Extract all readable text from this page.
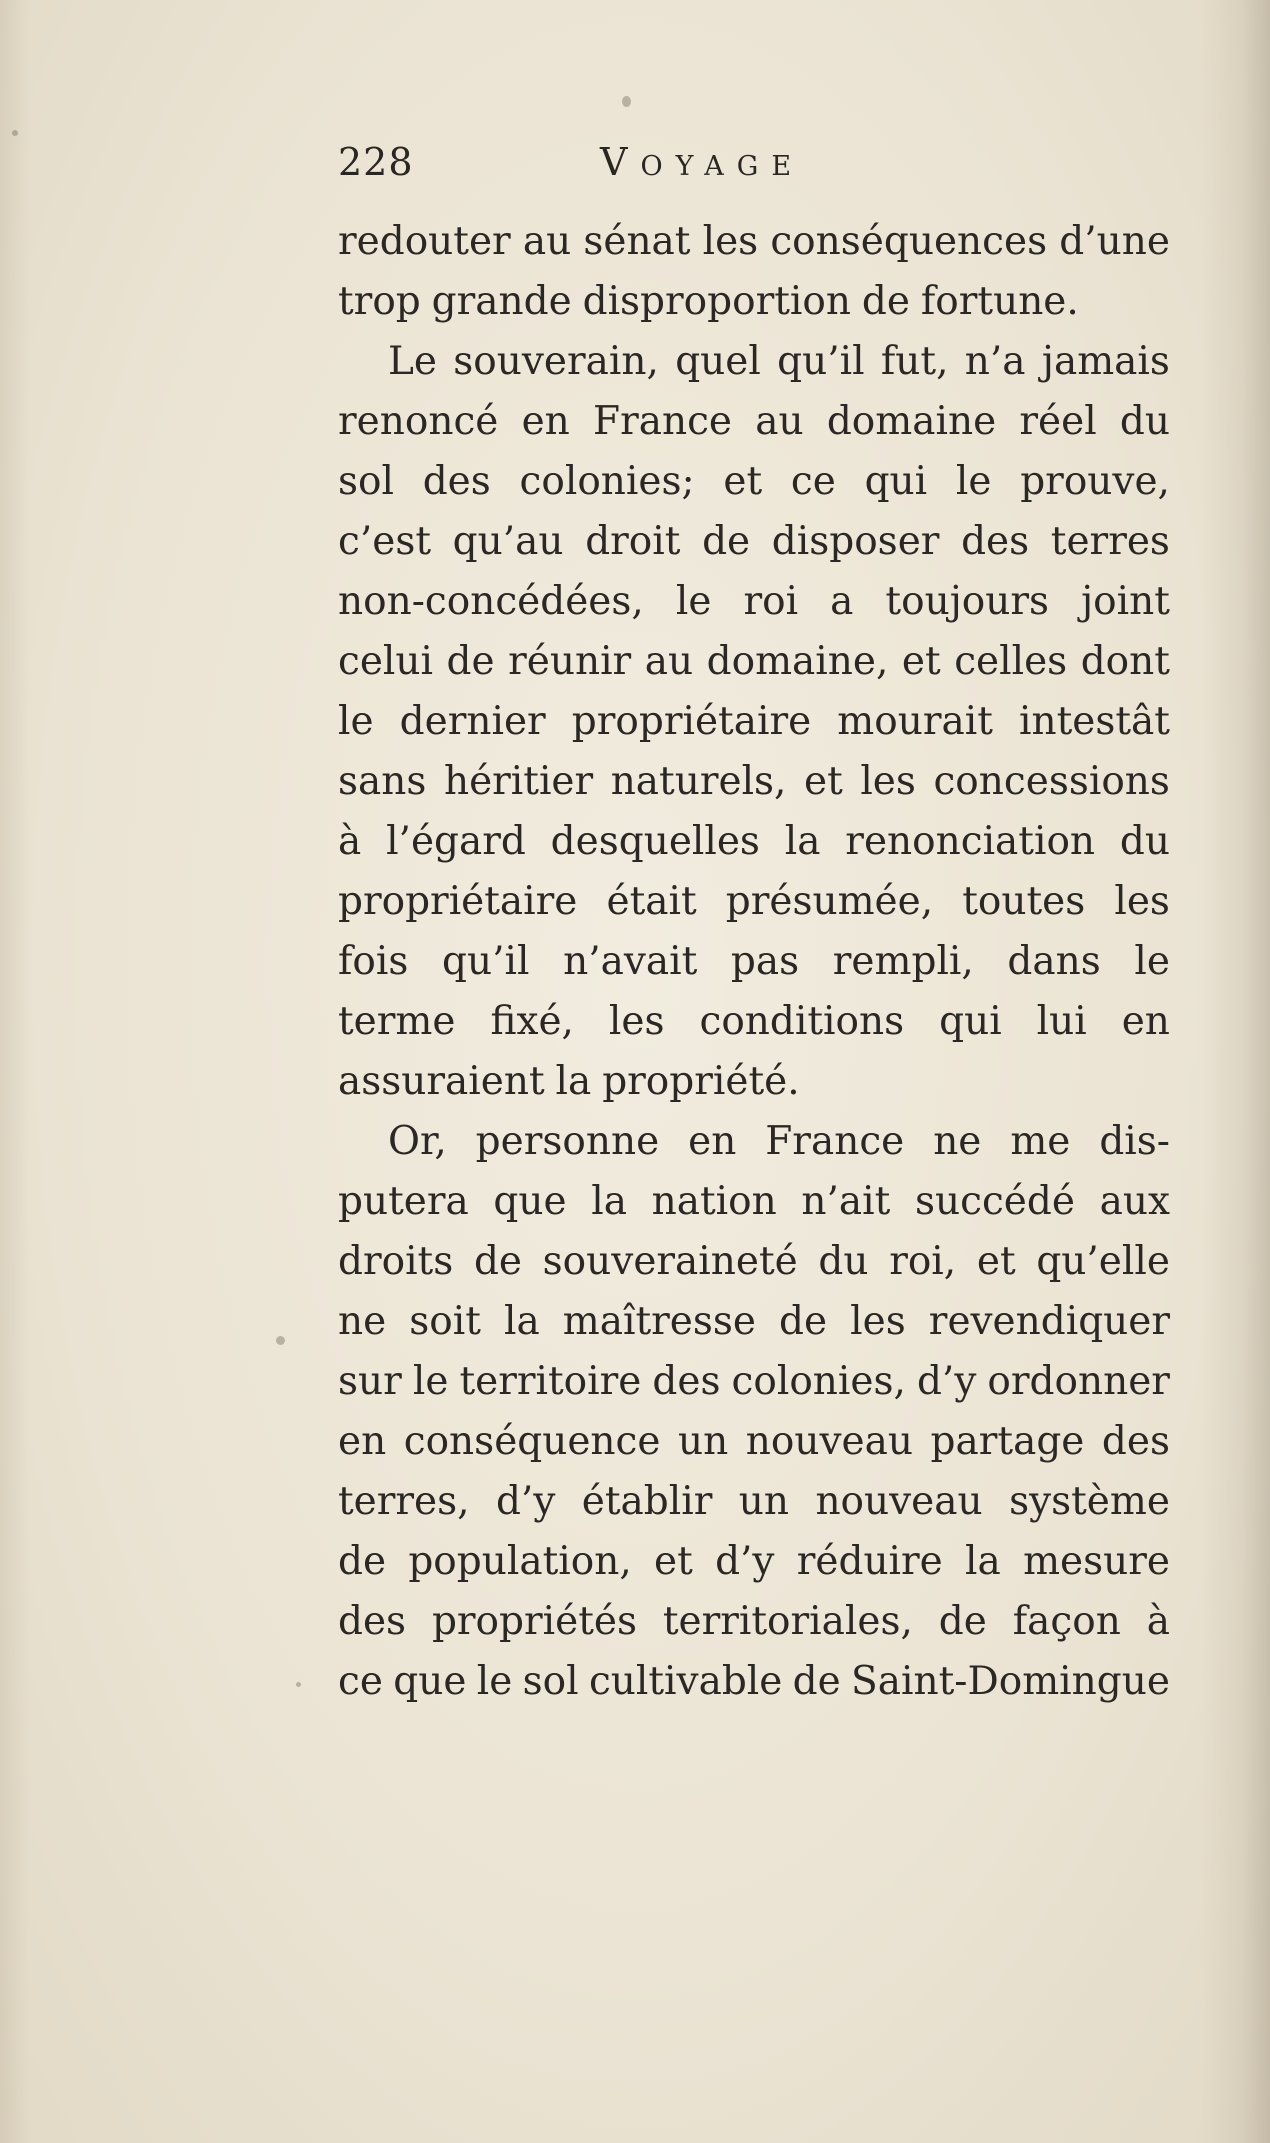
228	Voyage
redouter au sénat les conséquences d’une
trop grande disproportion de fortune.
Le souverain, quel qu’il fut, n’a jamais
renoncé en France au domaine réel du
sol des colonies; et ce qui le prouve,
c’est qu’au droit de disposer des terres
non-concédées, le roi a toujours joint
celui de réunir au domaine, et celles dont
le dernier propriétaire mourait intestât
sans héritier naturels, et les concessions
à l’égard desquelles la renonciation du
propriétaire était présumée, toutes les
fois qu’il n’avait pas rempli, dans le
terme fixé, les conditions qui lui en
assuraient la propriété.
Or, personne en France ne me dis-
putera que la nation n’ait succédé aux
droits de souveraineté du roi, et qu’elle
ne soit la maîtresse de les revendiquer
sur le territoire des colonies, d’y ordonner
en conséquence un nouveau partage des
terres, d’y établir un nouveau système
de population, et d’y réduire la mesure
des propriétés territoriales, de façon à
ce que le sol cultivable de Saint-Domingue
